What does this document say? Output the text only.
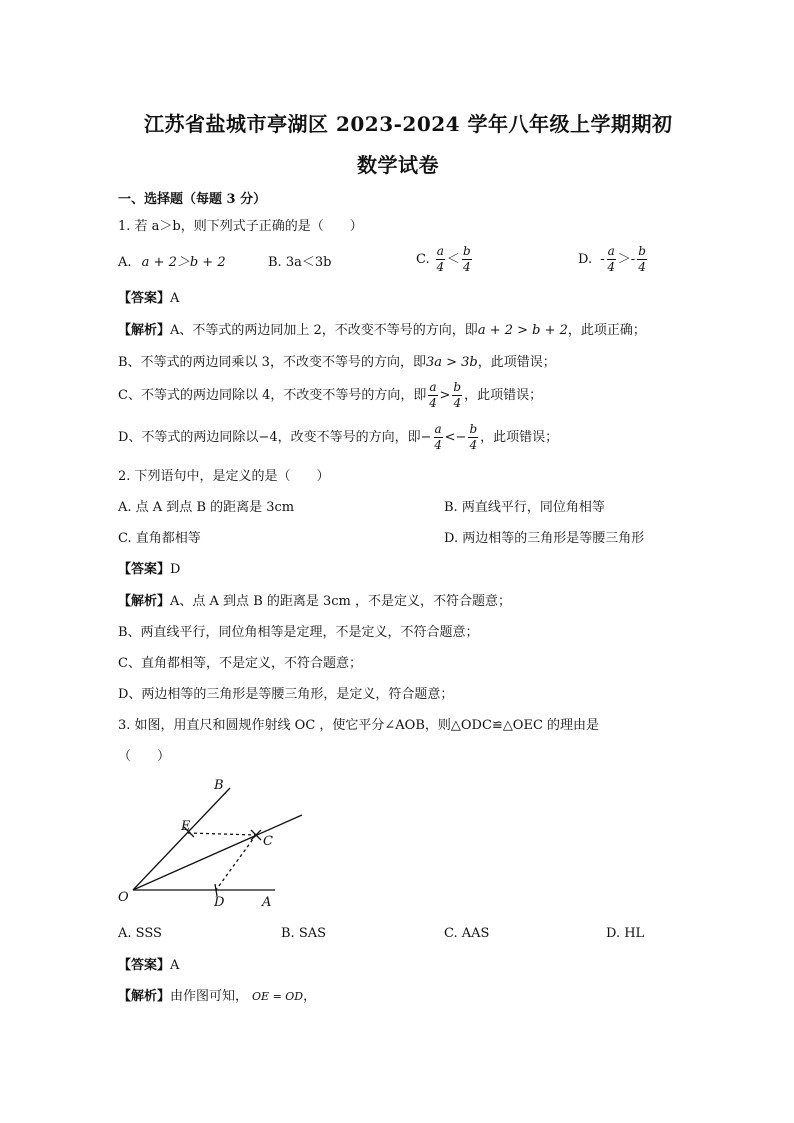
江苏省盐城市亭湖区 2023-2024 学年八年级上学期期初
数学试卷
一、选择题（每题 3 分）
1. 若 a＞b，则下列式子正确的是（　　）
A. a + 2＞b + 2	B. 3a＜3b	C. $\frac{a}{4} < \frac{b}{4}$	D. - $\frac{a}{4} >- \frac{b}{4}$
【答案】A
【解析】A、不等式的两边同加上 2，不改变不等号的方向，即a + 2 > b + 2，此项正确；
B、不等式的两边同乘以 3，不改变不等号的方向，即3a > 3b，此项错误；
C、不等式的两边同除以 4，不改变不等号的方向，即 $\frac{a}{4} > \frac{b}{4}$ ，此项错误；
D、不等式的两边同除以−4，改变不等号的方向，即− $\frac{a}{4} <- \frac{b}{4}$ ，此项错误；
2. 下列语句中，是定义的是（　　）
A. 点 A 到点 B 的距离是 3cm	B. 两直线平行，同位角相等
C. 直角都相等	D. 两边相等的三角形是等腰三角形
【答案】D
【解析】A、点 A 到点 B 的距离是 3cm ，不是定义，不符合题意；
B、两直线平行，同位角相等是定理，不是定义，不符合题意；
C、直角都相等，不是定义，不符合题意；
D、两边相等的三角形是等腰三角形，是定义，符合题意；
3. 如图，用直尺和圆规作射线 OC ，使它平分∠AOB，则△ODC≌△OEC 的理由是
（　　）
B
E
C
O	D	A
A. SSS	B. SAS	C. AAS	D. HL
【答案】A
【解析】由作图可知， OE = OD，
